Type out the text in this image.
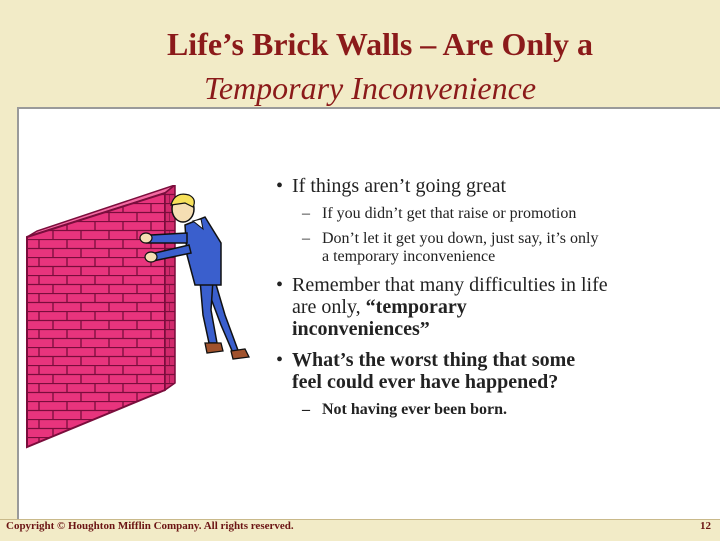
Life’s Brick Walls – Are Only a
Temporary Inconvenience
• If things aren’t going great
– If you didn’t get that raise or promotion
– Don’t let it get you down, just say, it’s only
a temporary inconvenience
• Remember that many difficulties in life
are only, “temporary
inconveniences”
• What’s the worst thing that some
feel could ever have happened?
– Not having ever been born.
Copyright © Houghton Mifflin Company. All rights reserved.	12
